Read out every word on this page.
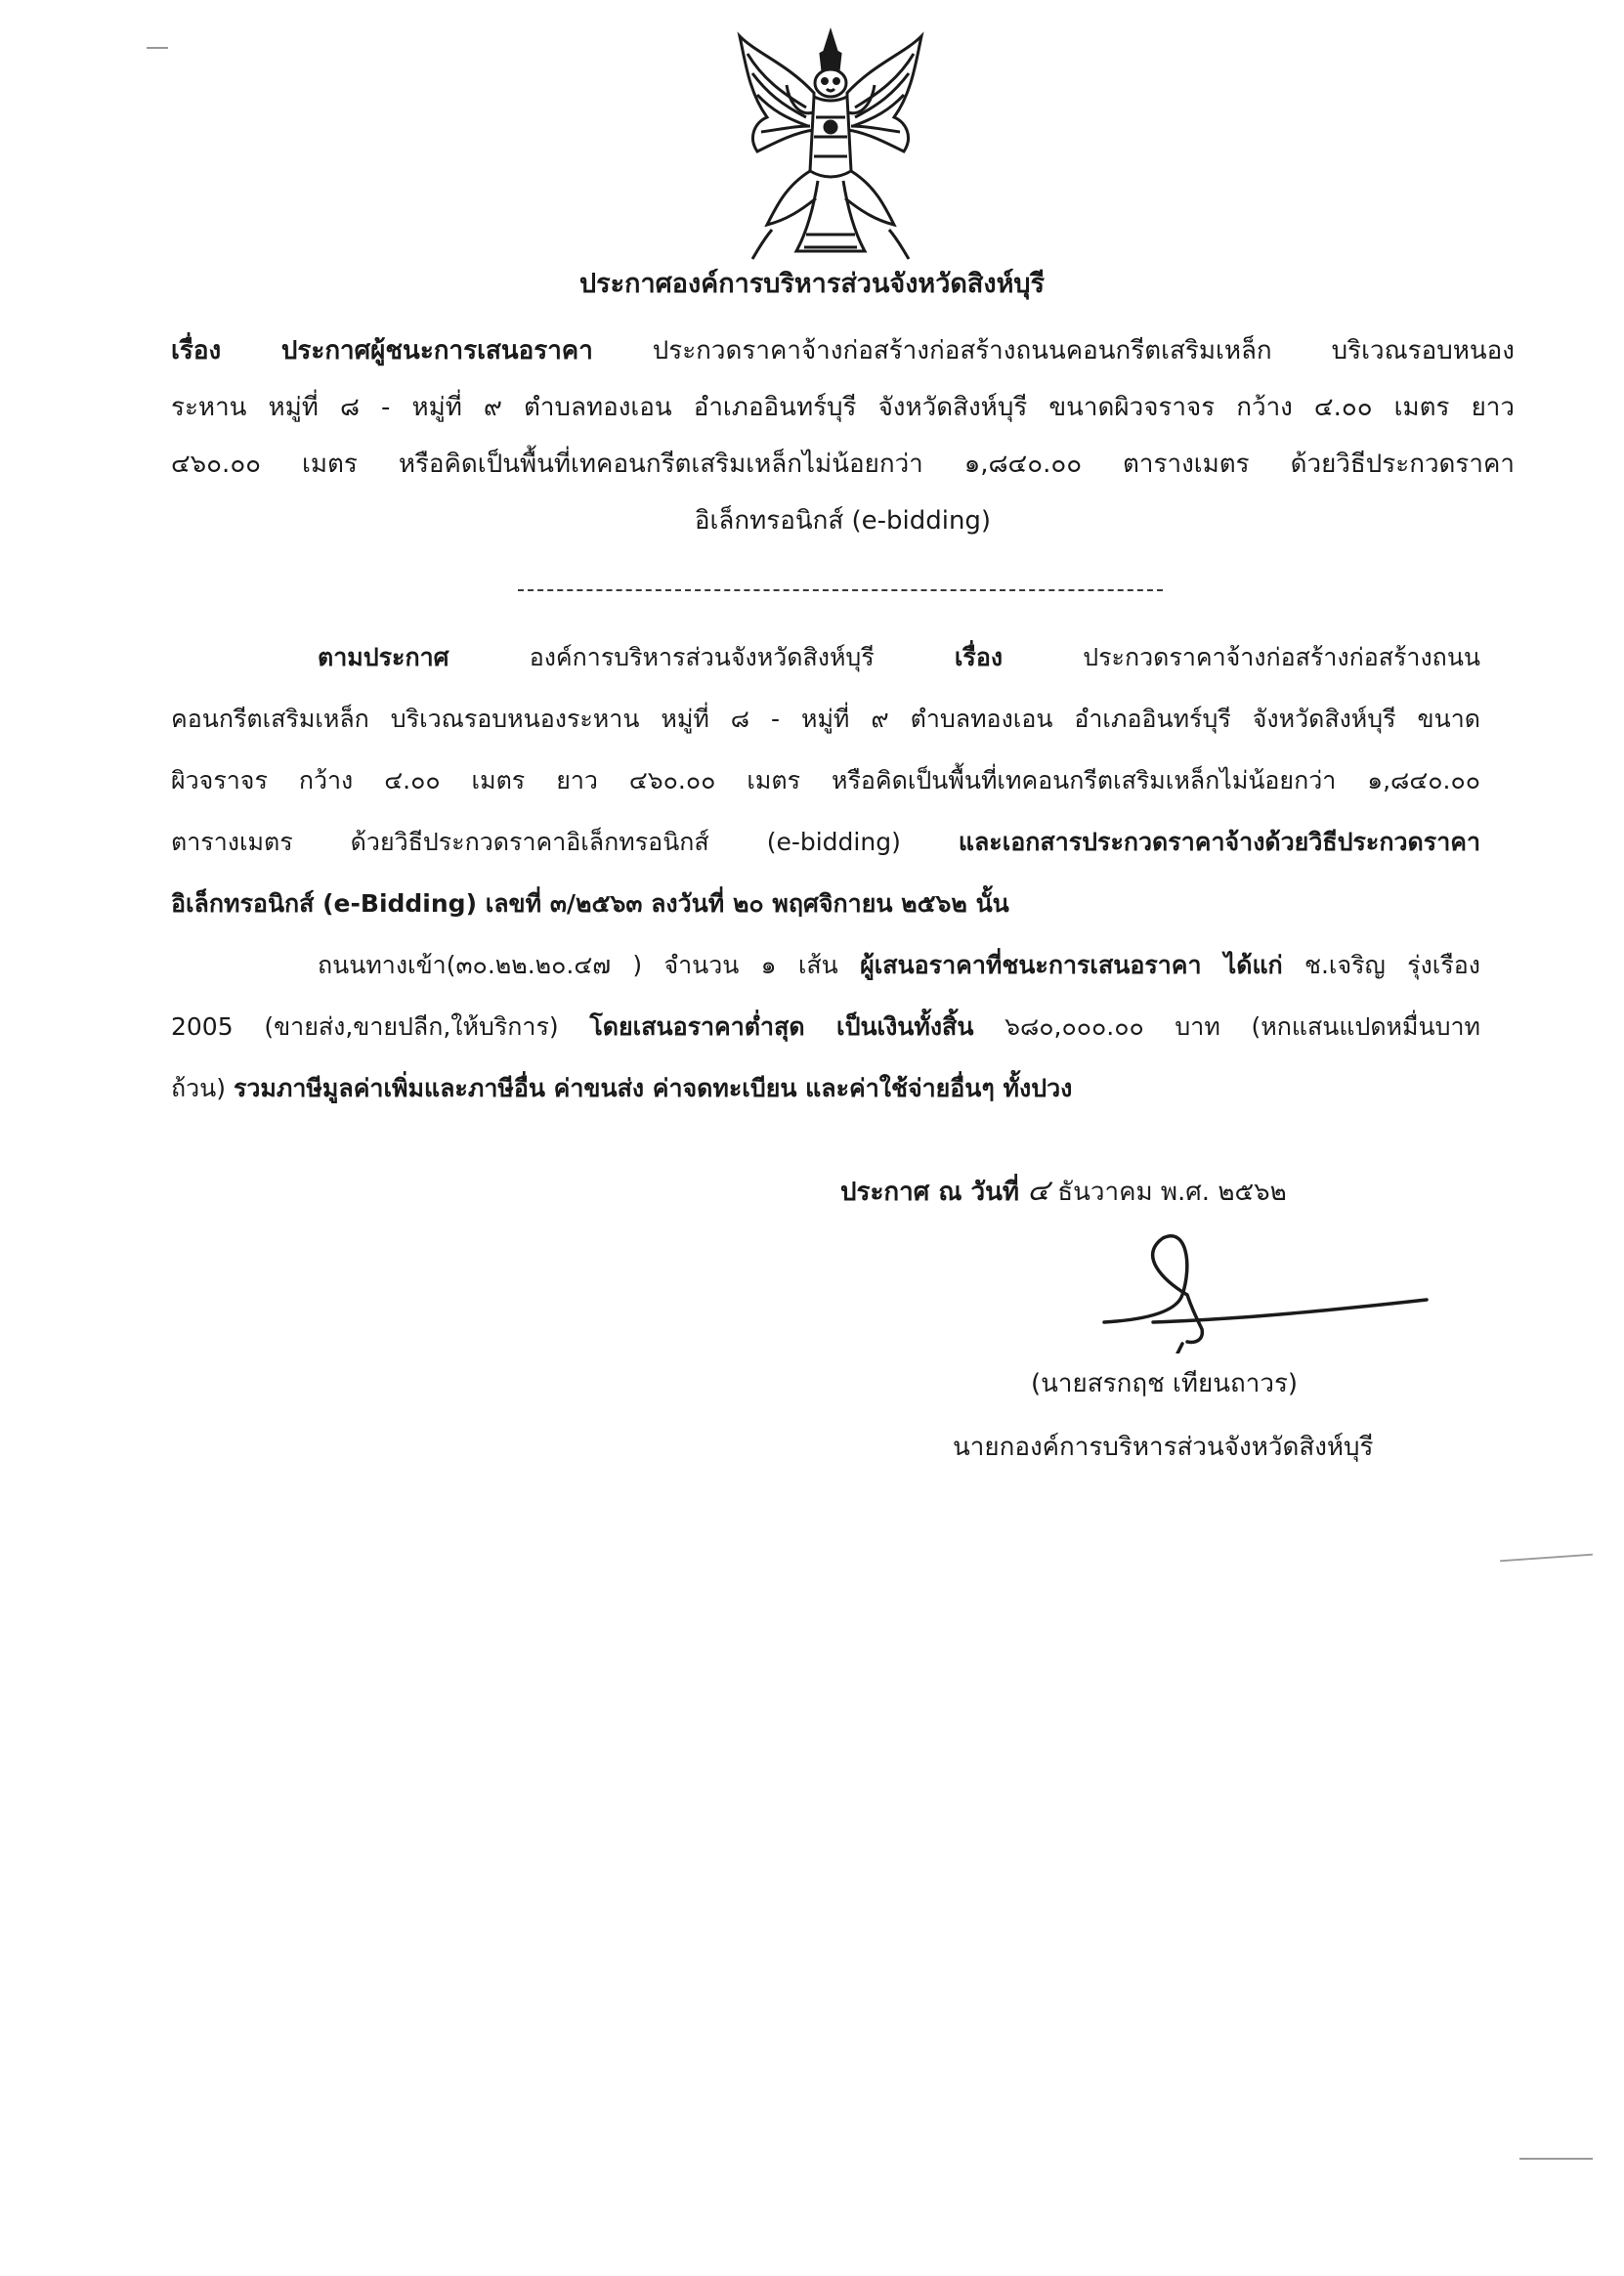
ประกาศองค์การบริหารส่วนจังหวัดสิงห์บุรี
เรื่อง ประกาศผู้ชนะการเสนอราคา ประกวดราคาจ้างก่อสร้างก่อสร้างถนนคอนกรีตเสริมเหล็ก บริเวณรอบหนอง
ระหาน หมู่ที่ ๘ - หมู่ที่ ๙ ตำบลทองเอน อำเภออินทร์บุรี จังหวัดสิงห์บุรี ขนาดผิวจราจร กว้าง ๔.๐๐ เมตร ยาว
๔๖๐.๐๐ เมตร หรือคิดเป็นพื้นที่เทคอนกรีตเสริมเหล็กไม่น้อยกว่า ๑,๘๔๐.๐๐ ตารางเมตร ด้วยวิธีประกวดราคา
อิเล็กทรอนิกส์ (e-bidding)
ตามประกาศ องค์การบริหารส่วนจังหวัดสิงห์บุรี เรื่อง ประกวดราคาจ้างก่อสร้างก่อสร้างถนน
คอนกรีตเสริมเหล็ก บริเวณรอบหนองระหาน หมู่ที่ ๘ - หมู่ที่ ๙ ตำบลทองเอน อำเภออินทร์บุรี จังหวัดสิงห์บุรี ขนาด
ผิวจราจร กว้าง ๔.๐๐ เมตร ยาว ๔๖๐.๐๐ เมตร หรือคิดเป็นพื้นที่เทคอนกรีตเสริมเหล็กไม่น้อยกว่า ๑,๘๔๐.๐๐
ตารางเมตร ด้วยวิธีประกวดราคาอิเล็กทรอนิกส์ (e-bidding) และเอกสารประกวดราคาจ้างด้วยวิธีประกวดราคา
อิเล็กทรอนิกส์ (e-Bidding) เลขที่ ๓/๒๕๖๓ ลงวันที่ ๒๐ พฤศจิกายน ๒๕๖๒ นั้น
ถนนทางเข้า(๓๐.๒๒.๒๐.๔๗ ) จำนวน ๑ เส้น ผู้เสนอราคาที่ชนะการเสนอราคา ได้แก่ ช.เจริญ รุ่งเรือง
2005 (ขายส่ง,ขายปลีก,ให้บริการ) โดยเสนอราคาต่ำสุด เป็นเงินทั้งสิ้น ๖๘๐,๐๐๐.๐๐ บาท (หกแสนแปดหมื่นบาท
ถ้วน) รวมภาษีมูลค่าเพิ่มและภาษีอื่น ค่าขนส่ง ค่าจดทะเบียน และค่าใช้จ่ายอื่นๆ ทั้งปวง
ประกาศ ณ วันที่ ๔ ธันวาคม พ.ศ. ๒๕๖๒
(นายสรกฤช เทียนถาวร)
นายกองค์การบริหารส่วนจังหวัดสิงห์บุรี
